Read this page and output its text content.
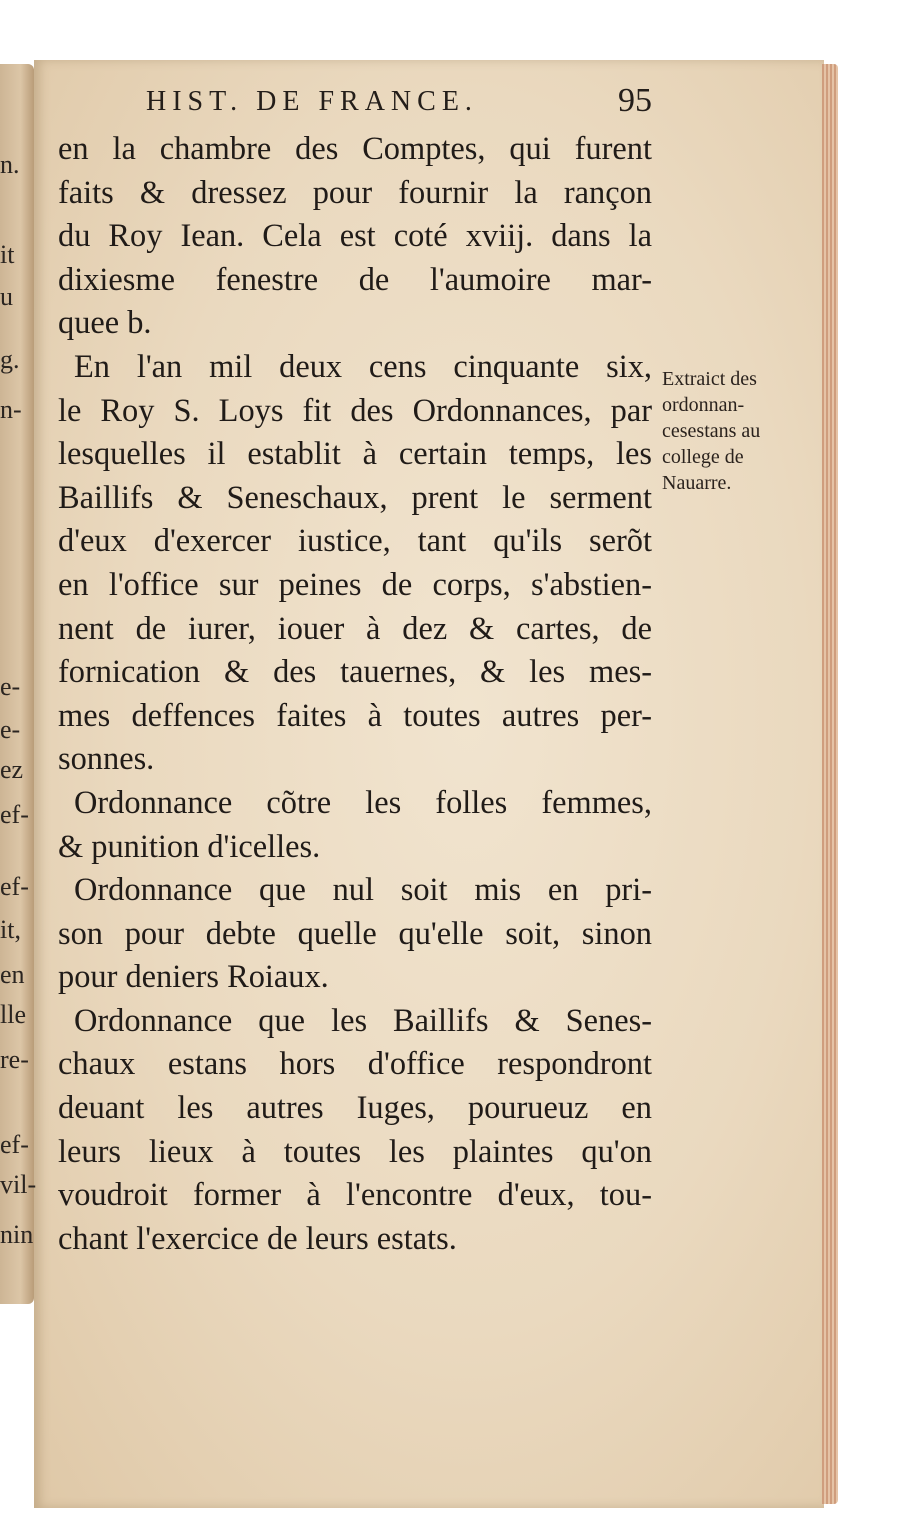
n.
it
u
g.
n-
e-
e-
ez
ef-
ef-
it,
en
lle
re-
ef-
vil-
nin
HIST. DE FRANCE.	95
en la chambre des Comptes, qui furent
faits & dressez pour fournir la rançon
du Roy Iean. Cela est coté xviij. dans la
dixiesme fenestre de l'aumoire mar-
quee b.
En l'an mil deux cens cinquante six,
le Roy S. Loys fit des Ordonnances, par
lesquelles il establit à certain temps, les
Baillifs & Seneschaux, prent le serment
d'eux d'exercer iustice, tant qu'ils serõt
en l'office sur peines de corps, s'abstien-
nent de iurer, iouer à dez & cartes, de
fornication & des tauernes, & les mes-
mes deffences faites à toutes autres per-
sonnes.
Ordonnance cõtre les folles femmes,
& punition d'icelles.
Ordonnance que nul soit mis en pri-
son pour debte quelle qu'elle soit, sinon
pour deniers Roiaux.
Ordonnance que les Baillifs & Senes-
chaux estans hors d'office respondront
deuant les autres Iuges, pourueuz en
leurs lieux à toutes les plaintes qu'on
voudroit former à l'encontre d'eux, tou-
chant l'exercice de leurs estats.
Extraict des
ordonnan-
cesestans au
college de
Nauarre.
